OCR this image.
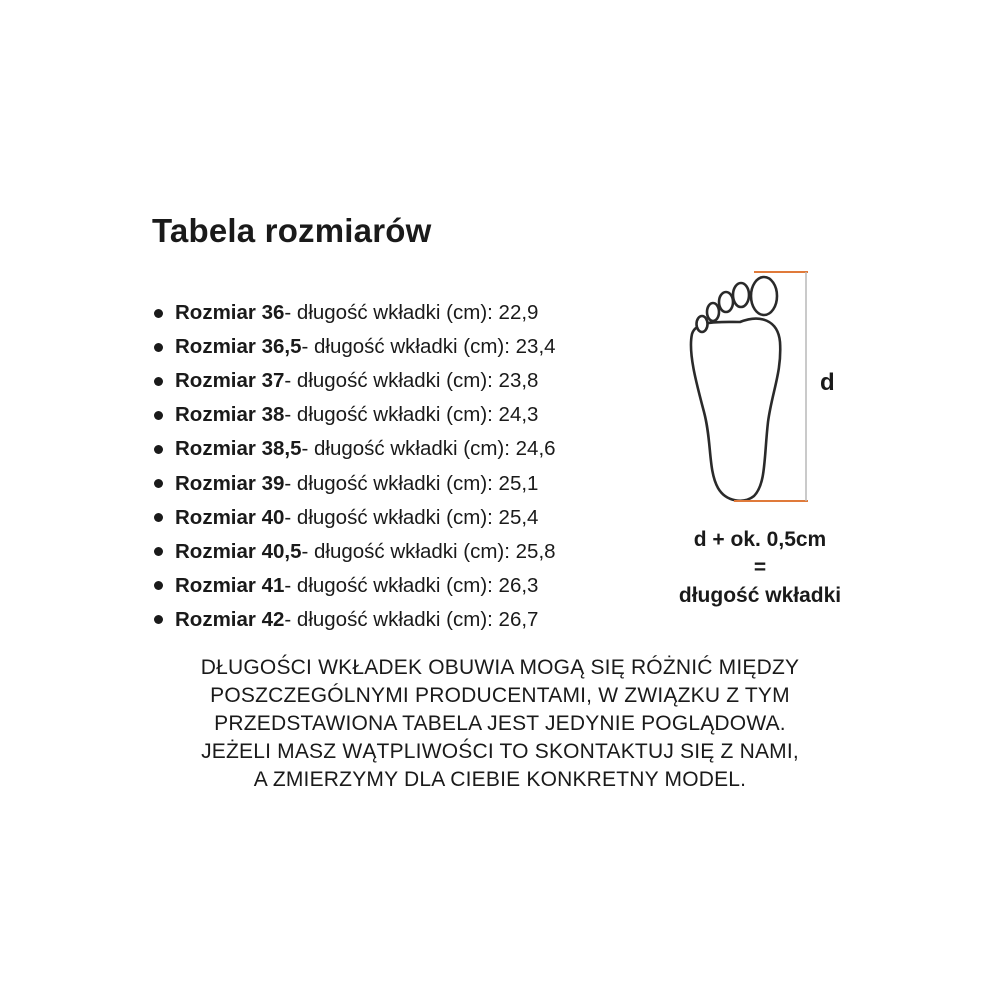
Tabela rozmiarów
Rozmiar 36 - długość wkładki (cm): 22,9
Rozmiar 36,5 - długość wkładki (cm): 23,4
Rozmiar 37 - długość wkładki (cm): 23,8
Rozmiar 38 - długość wkładki (cm): 24,3
Rozmiar 38,5 - długość wkładki (cm): 24,6
Rozmiar 39 - długość wkładki (cm): 25,1
Rozmiar 40 - długość wkładki (cm): 25,4
Rozmiar 40,5 - długość wkładki (cm): 25,8
Rozmiar 41 - długość wkładki (cm): 26,3
Rozmiar 42 - długość wkładki (cm): 26,7
d
d + ok. 0,5cm
=
długość wkładki
DŁUGOŚCI WKŁADEK OBUWIA MOGĄ SIĘ RÓŻNIĆ MIĘDZY
POSZCZEGÓLNYMI PRODUCENTAMI, W ZWIĄZKU Z TYM
PRZEDSTAWIONA TABELA JEST JEDYNIE POGLĄDOWA.
JEŻELI MASZ WĄTPLIWOŚCI TO SKONTAKTUJ SIĘ Z NAMI,
A ZMIERZYMY DLA CIEBIE KONKRETNY MODEL.
